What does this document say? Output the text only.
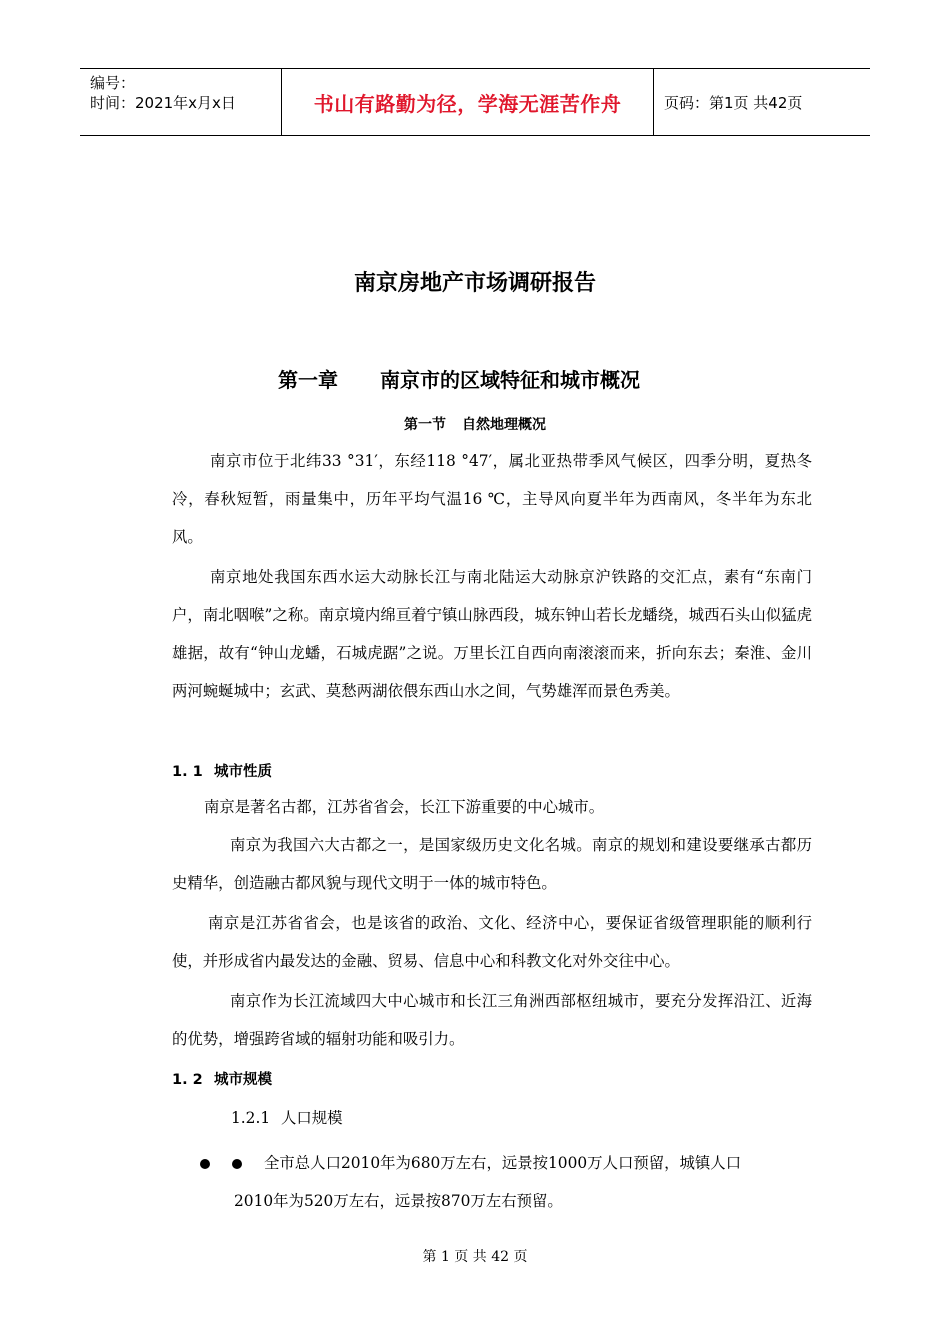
编号：
时间：2021年x月x日	书山有路勤为径，学海无涯苦作舟	页码：第1页 共42页
南京房地产市场调研报告
第一章 南京市的区域特征和城市概况
第一节 自然地理概况
南京市位于北纬33 °31′，东经118 °47′，属北亚热带季风气候区，四季分明，夏热冬冷，春秋短暂，雨量集中，历年平均气温16 ℃，主导风向夏半年为西南风，冬半年为东北风。
南京地处我国东西水运大动脉长江与南北陆运大动脉京沪铁路的交汇点，素有“东南门户，南北咽喉”之称。南京境内绵亘着宁镇山脉西段，城东钟山若长龙蟠绕，城西石头山似猛虎雄据，故有“钟山龙蟠，石城虎踞”之说。万里长江自西向南滚滚而来，折向东去；秦淮、金川两河蜿蜒城中；玄武、莫愁两湖依偎东西山水之间，气势雄浑而景色秀美。
1. 1 城市性质
南京是著名古都，江苏省省会，长江下游重要的中心城市。
南京为我国六大古都之一，是国家级历史文化名城。南京的规划和建设要继承古都历史精华，创造融古都风貌与现代文明于一体的城市特色。
南京是江苏省省会，也是该省的政治、文化、经济中心，要保证省级管理职能的顺利行使，并形成省内最发达的金融、贸易、信息中心和科教文化对外交往中心。
南京作为长江流域四大中心城市和长江三角洲西部枢纽城市，要充分发挥沿江、近海的优势，增强跨省域的辐射功能和吸引力。
1. 2 城市规模
1.2.1 人口规模
全市总人口2010年为680万左右，远景按1000万人口预留，城镇人口
2010年为520万左右，远景按870万左右预留。
第 1 页 共 42 页
